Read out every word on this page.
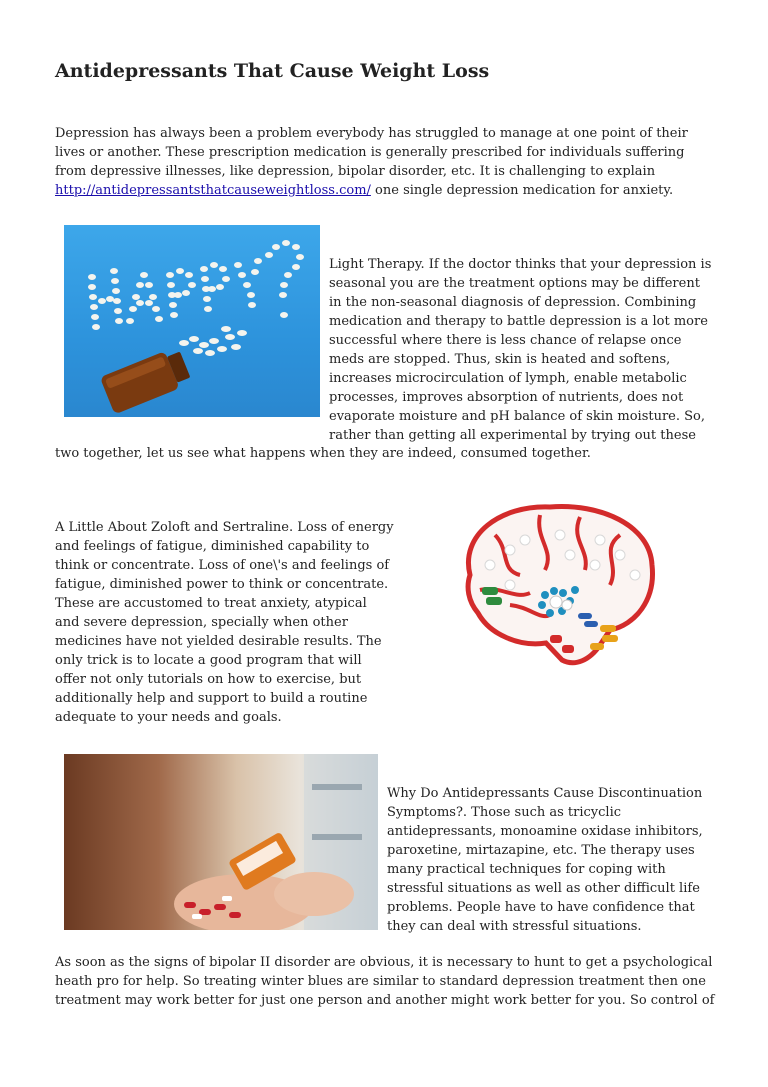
Antidepressants That Cause Weight Loss

Depression has always been a problem everybody has struggled to manage at one point of their lives or another. These prescription medication is generally prescribed for individuals suffering from depressive illnesses, like depression, bipolar disorder, etc. It is challenging to explain http://antidepressantsthatcauseweightloss.com/ one single depression medication for anxiety.

Light Therapy. If the doctor thinks that your depression is seasonal you are the treatment options may be different in the non-seasonal diagnosis of depression. Combining medication and therapy to battle depression is a lot more successful where there is less chance of relapse once meds are stopped. Thus, skin is heated and softens, increases microcirculation of lymph, enable metabolic processes, improves absorption of nutrients, does not evaporate moisture and pH balance of skin moisture. So, rather than getting all experimental by trying out these

two together, let us see what happens when they are indeed, consumed together.

A Little About Zoloft and Sertraline. Loss of energy and feelings of fatigue, diminished capability to think or concentrate. Loss of one\'s and feelings of fatigue, diminished power to think or concentrate. These are accustomed to treat anxiety, atypical and severe depression, specially when other medicines have not yielded desirable results. The only trick is to locate a good program that will offer not only tutorials on how to exercise, but additionally help and support to build a routine adequate to your needs and goals.

Why Do Antidepressants Cause Discontinuation Symptoms?. Those such as tricyclic antidepressants, monoamine oxidase inhibitors, paroxetine, mirtazapine, etc. The therapy uses many practical techniques for coping with stressful situations as well as other difficult life problems. People have to have confidence that they can deal with stressful situations.

As soon as the signs of bipolar II disorder are obvious, it is necessary to hunt to get a psychological heath pro for help. So treating winter blues are similar to standard depression treatment then one treatment may work better for just one person and another might work better for you. So control of
